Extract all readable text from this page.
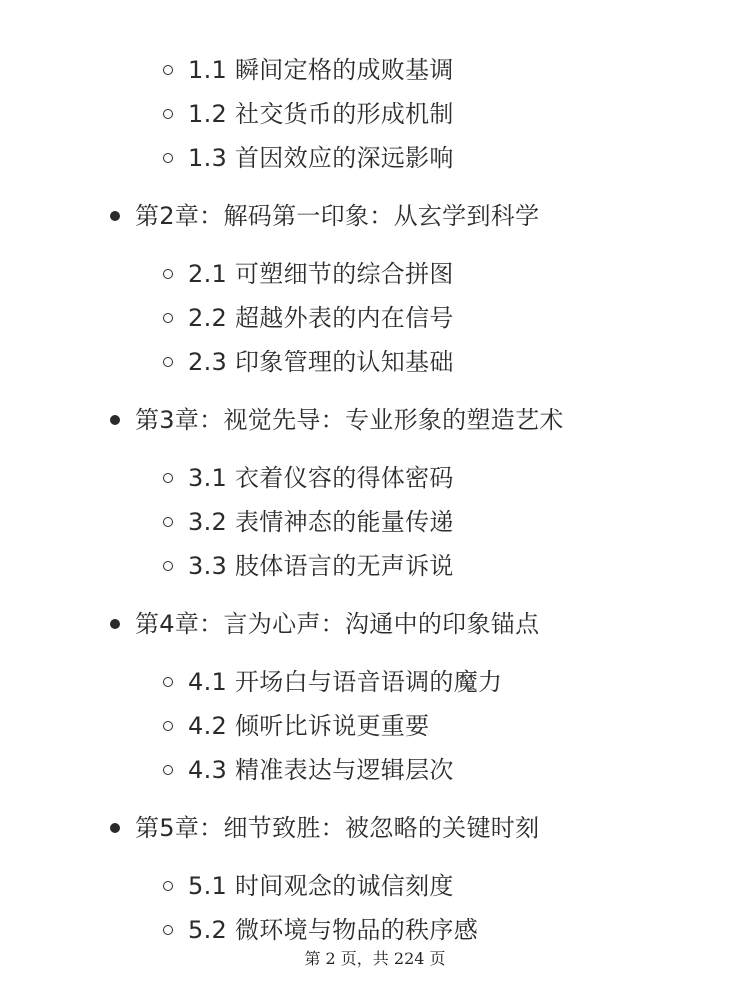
1.1 瞬间定格的成败基调
1.2 社交货币的形成机制
1.3 首因效应的深远影响
第2章：解码第一印象：从玄学到科学
2.1 可塑细节的综合拼图
2.2 超越外表的内在信号
2.3 印象管理的认知基础
第3章：视觉先导：专业形象的塑造艺术
3.1 衣着仪容的得体密码
3.2 表情神态的能量传递
3.3 肢体语言的无声诉说
第4章：言为心声：沟通中的印象锚点
4.1 开场白与语音语调的魔力
4.2 倾听比诉说更重要
4.3 精准表达与逻辑层次
第5章：细节致胜：被忽略的关键时刻
5.1 时间观念的诚信刻度
5.2 微环境与物品的秩序感
第 2 页，共 224 页
